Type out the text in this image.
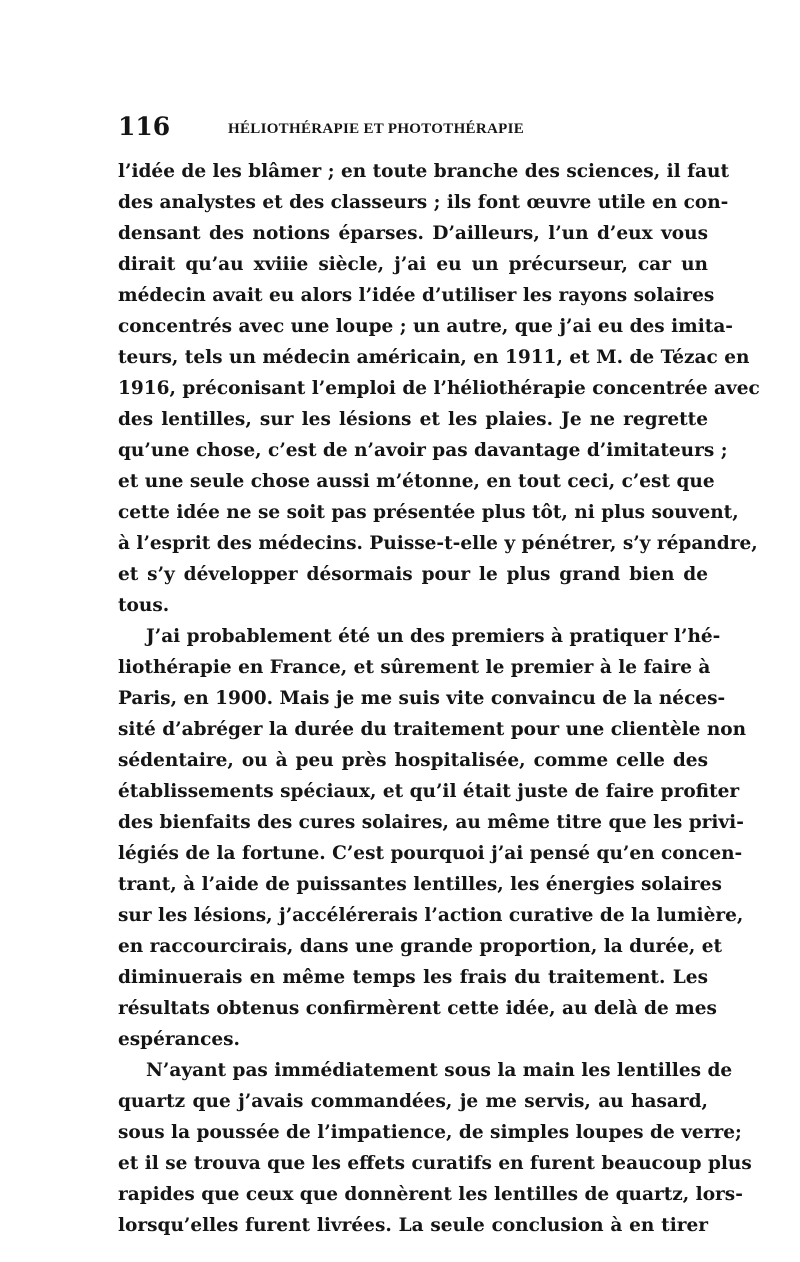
116	HÉLIOTHÉRAPIE ET PHOTOTHÉRAPIE
l’idée de les blâmer ; en toute branche des sciences, il faut
des analystes et des classeurs ; ils font œuvre utile en con-
densant des notions éparses. D’ailleurs, l’un d’eux vous
dirait qu’au xviiie siècle, j’ai eu un précurseur, car un
médecin avait eu alors l’idée d’utiliser les rayons solaires
concentrés avec une loupe ; un autre, que j’ai eu des imita-
teurs, tels un médecin américain, en 1911, et M. de Tézac en
1916, préconisant l’emploi de l’héliothérapie concentrée avec
des lentilles, sur les lésions et les plaies. Je ne regrette
qu’une chose, c’est de n’avoir pas davantage d’imitateurs ;
et une seule chose aussi m’étonne, en tout ceci, c’est que
cette idée ne se soit pas présentée plus tôt, ni plus souvent,
à l’esprit des médecins. Puisse-t-elle y pénétrer, s’y répandre,
et s’y développer désormais pour le plus grand bien de
tous.
J’ai probablement été un des premiers à pratiquer l’hé-
liothérapie en France, et sûrement le premier à le faire à
Paris, en 1900. Mais je me suis vite convaincu de la néces-
sité d’abréger la durée du traitement pour une clientèle non
sédentaire, ou à peu près hospitalisée, comme celle des
établissements spéciaux, et qu’il était juste de faire profiter
des bienfaits des cures solaires, au même titre que les privi-
légiés de la fortune. C’est pourquoi j’ai pensé qu’en concen-
trant, à l’aide de puissantes lentilles, les énergies solaires
sur les lésions, j’accélérerais l’action curative de la lumière,
en raccourcirais, dans une grande proportion, la durée, et
diminuerais en même temps les frais du traitement. Les
résultats obtenus confirmèrent cette idée, au delà de mes
espérances.
N’ayant pas immédiatement sous la main les lentilles de
quartz que j’avais commandées, je me servis, au hasard,
sous la poussée de l’impatience, de simples loupes de verre;
et il se trouva que les effets curatifs en furent beaucoup plus
rapides que ceux que donnèrent les lentilles de quartz, lors-
lorsqu’elles furent livrées. La seule conclusion à en tirer
